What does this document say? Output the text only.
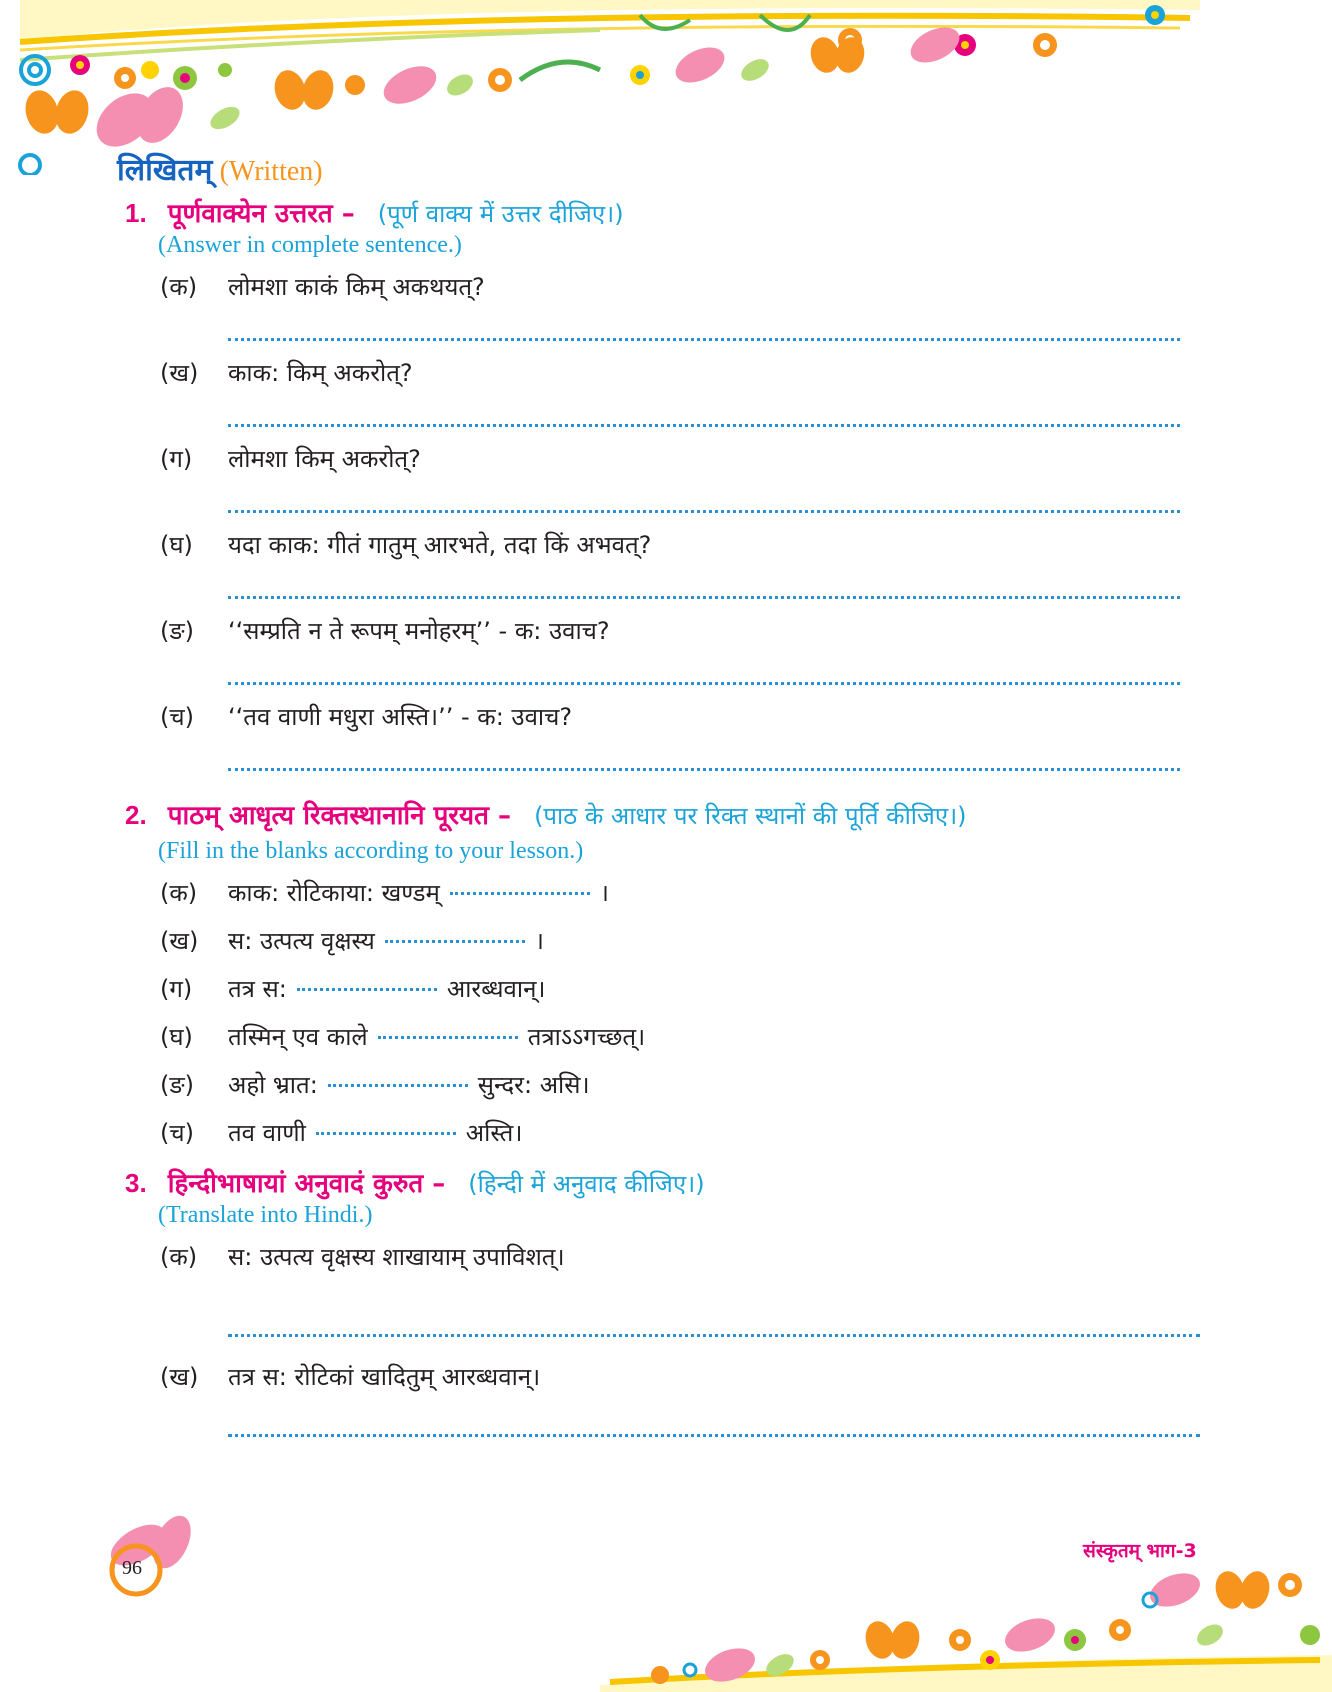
लिखितम् (Written)
1. पूर्णवाक्येन उत्तरत – (पूर्ण वाक्य में उत्तर दीजिए।)
(Answer in complete sentence.)
(क) लोमशा काकं किम् अकथयत्?
(ख) काक: किम् अकरोत्?
(ग) लोमशा किम् अकरोत्?
(घ) यदा काक: गीतं गातुम् आरभते, तदा किं अभवत्?
(ङ) ‘‘सम्प्रति न ते रूपम् मनोहरम्’’ - क: उवाच?
(च) ‘‘तव वाणी मधुरा अस्ति।’’ - क: उवाच?
2. पाठम् आधृत्य रिक्तस्थानानि पूरयत – (पाठ के आधार पर रिक्त स्थानों की पूर्ति कीजिए।)
(Fill in the blanks according to your lesson.)
(क) काक: रोटिकाया: खण्डम्	।
(ख) स: उत्पत्य वृक्षस्य	।
(ग) तत्र स:	आरब्धवान्।
(घ) तस्मिन् एव काले	तत्राऽऽगच्छत्।
(ङ) अहो भ्रात:	सुन्दर: असि।
(च) तव वाणी	अस्ति।
3. हिन्दीभाषायां अनुवादं कुरुत – (हिन्दी में अनुवाद कीजिए।)
(Translate into Hindi.)
(क) स: उत्पत्य वृक्षस्य शाखायाम् उपाविशत्।
(ख) तत्र स: रोटिकां खादितुम् आरब्धवान्।
96
संस्कृतम् भाग-3
